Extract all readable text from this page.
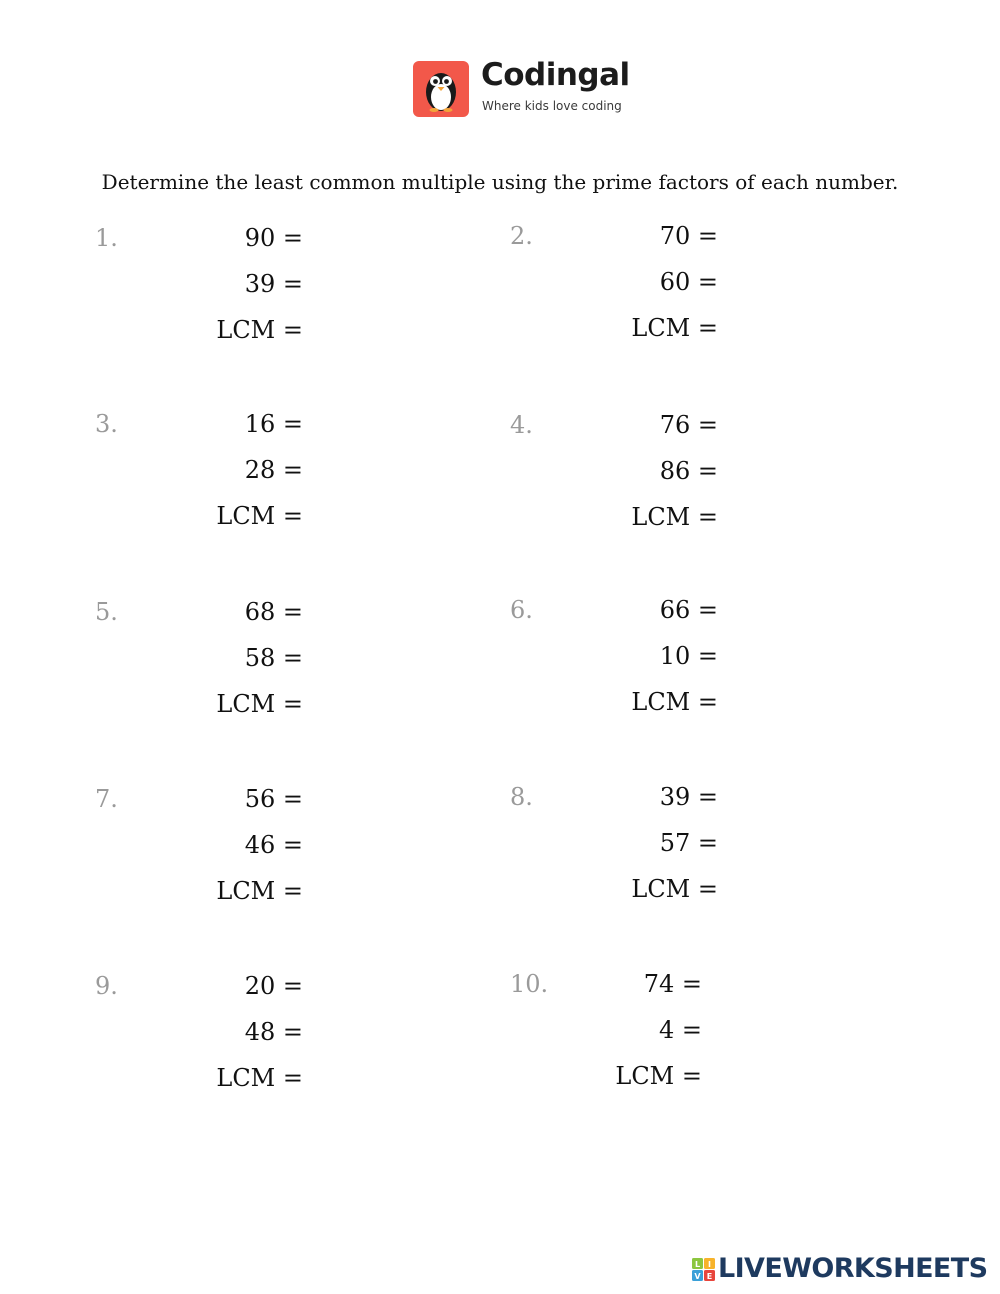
Codingal
Where kids love coding
Determine the least common multiple using the prime factors of each number.
1.	90 =
39 =
LCM =
2.	70 =
60 =
LCM =
3.	16 =
28 =
LCM =
4.	76 =
86 =
LCM =
5.	68 =
58 =
LCM =
6.	66 =
10 =
LCM =
7.	56 =
46 =
LCM =
8.	39 =
57 =
LCM =
9.	20 =
48 =
LCM =
10.	74 =
4 =
LCM =
L I
V E LIVEWORKSHEETS
